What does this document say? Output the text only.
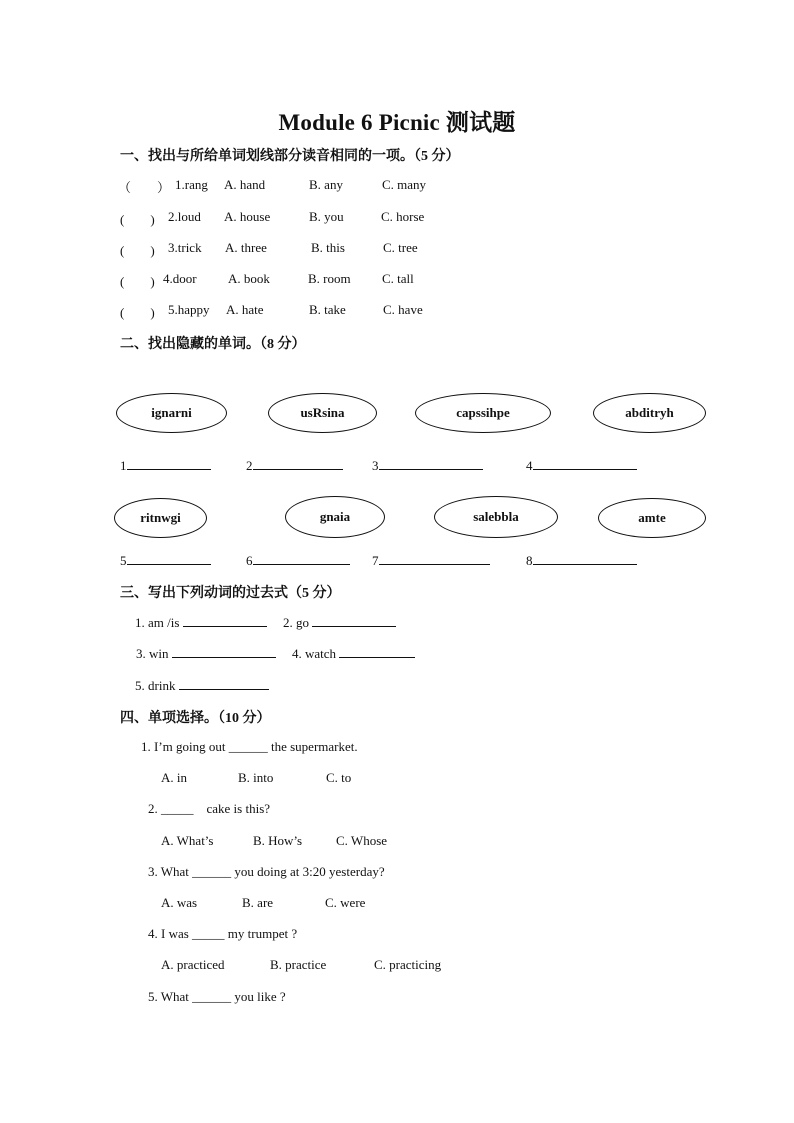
Module 6 Picnic 测试题
一、找出与所给单词划线部分读音相同的一项。（5 分）
（　　） 1.rang A. hand	B. any	C. many
(　　) 2.loud A. house	B. you	C. horse
(　　) 3.trick A. three	B. this	C. tree
(　　) 4.door A. book	B. room C. tall
(　　) 5.happy A. hate	B. take	C. have
二、找出隐藏的单词。（8 分）
ignarni	usRsina	capssihpe	abditryh
1	2	3	4
ritnwgi	gnaia	salebbla	amte
5	6	7	8
三、写出下列动词的过去式（5 分）
1. am /is	2. go
3. win	4. watch
5. drink
四、单项选择。（10 分）
1. I’m going out ______ the supermarket.
A. in	B. into	C. to
2. _____ cake is this?
A. What’s	B. How’s	C. Whose
3. What ______ you doing at 3:20 yesterday?
A. was	B. are	C. were
4. I was _____ my trumpet ?
A. practiced	B. practice	C. practicing
5. What ______ you like ?
